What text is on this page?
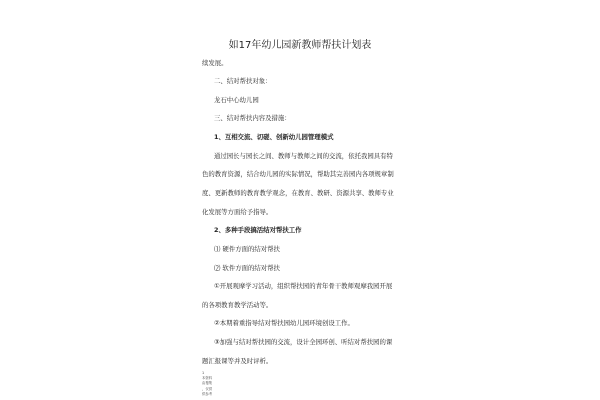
如17年幼儿园新教师帮扶计划表
续发展。
二、结对帮扶对象：
龙石中心幼儿园
三、结对帮扶内容及措施：
1、互相交流、切磋、创新幼儿园管理模式
通过园长与园长之间、教师与教师之间的交流，依托我园具有特
色的教育资源，结合幼儿园的实际情况，帮助其完善园内各项规章制
度、更新教师的教育教学观念，在教育、教研、资源共享、教师专业
化发展等方面给予指导。
2、多种手段搞活结对帮扶工作
⑴ 硬件方面的结对帮扶
⑵ 软件方面的结对帮扶
①开展观摩学习活动，组织帮扶园的青年骨干教师观摩我园开展
的各项教育教学活动等。
②本期着重指导结对帮扶园幼儿园环境创设工作。
③加强与结对帮扶园的交流，设计全园环创、听结对帮扶园的课
题汇报课等并及时评析。
1
本资料
由搜集
，仅供
供参考
